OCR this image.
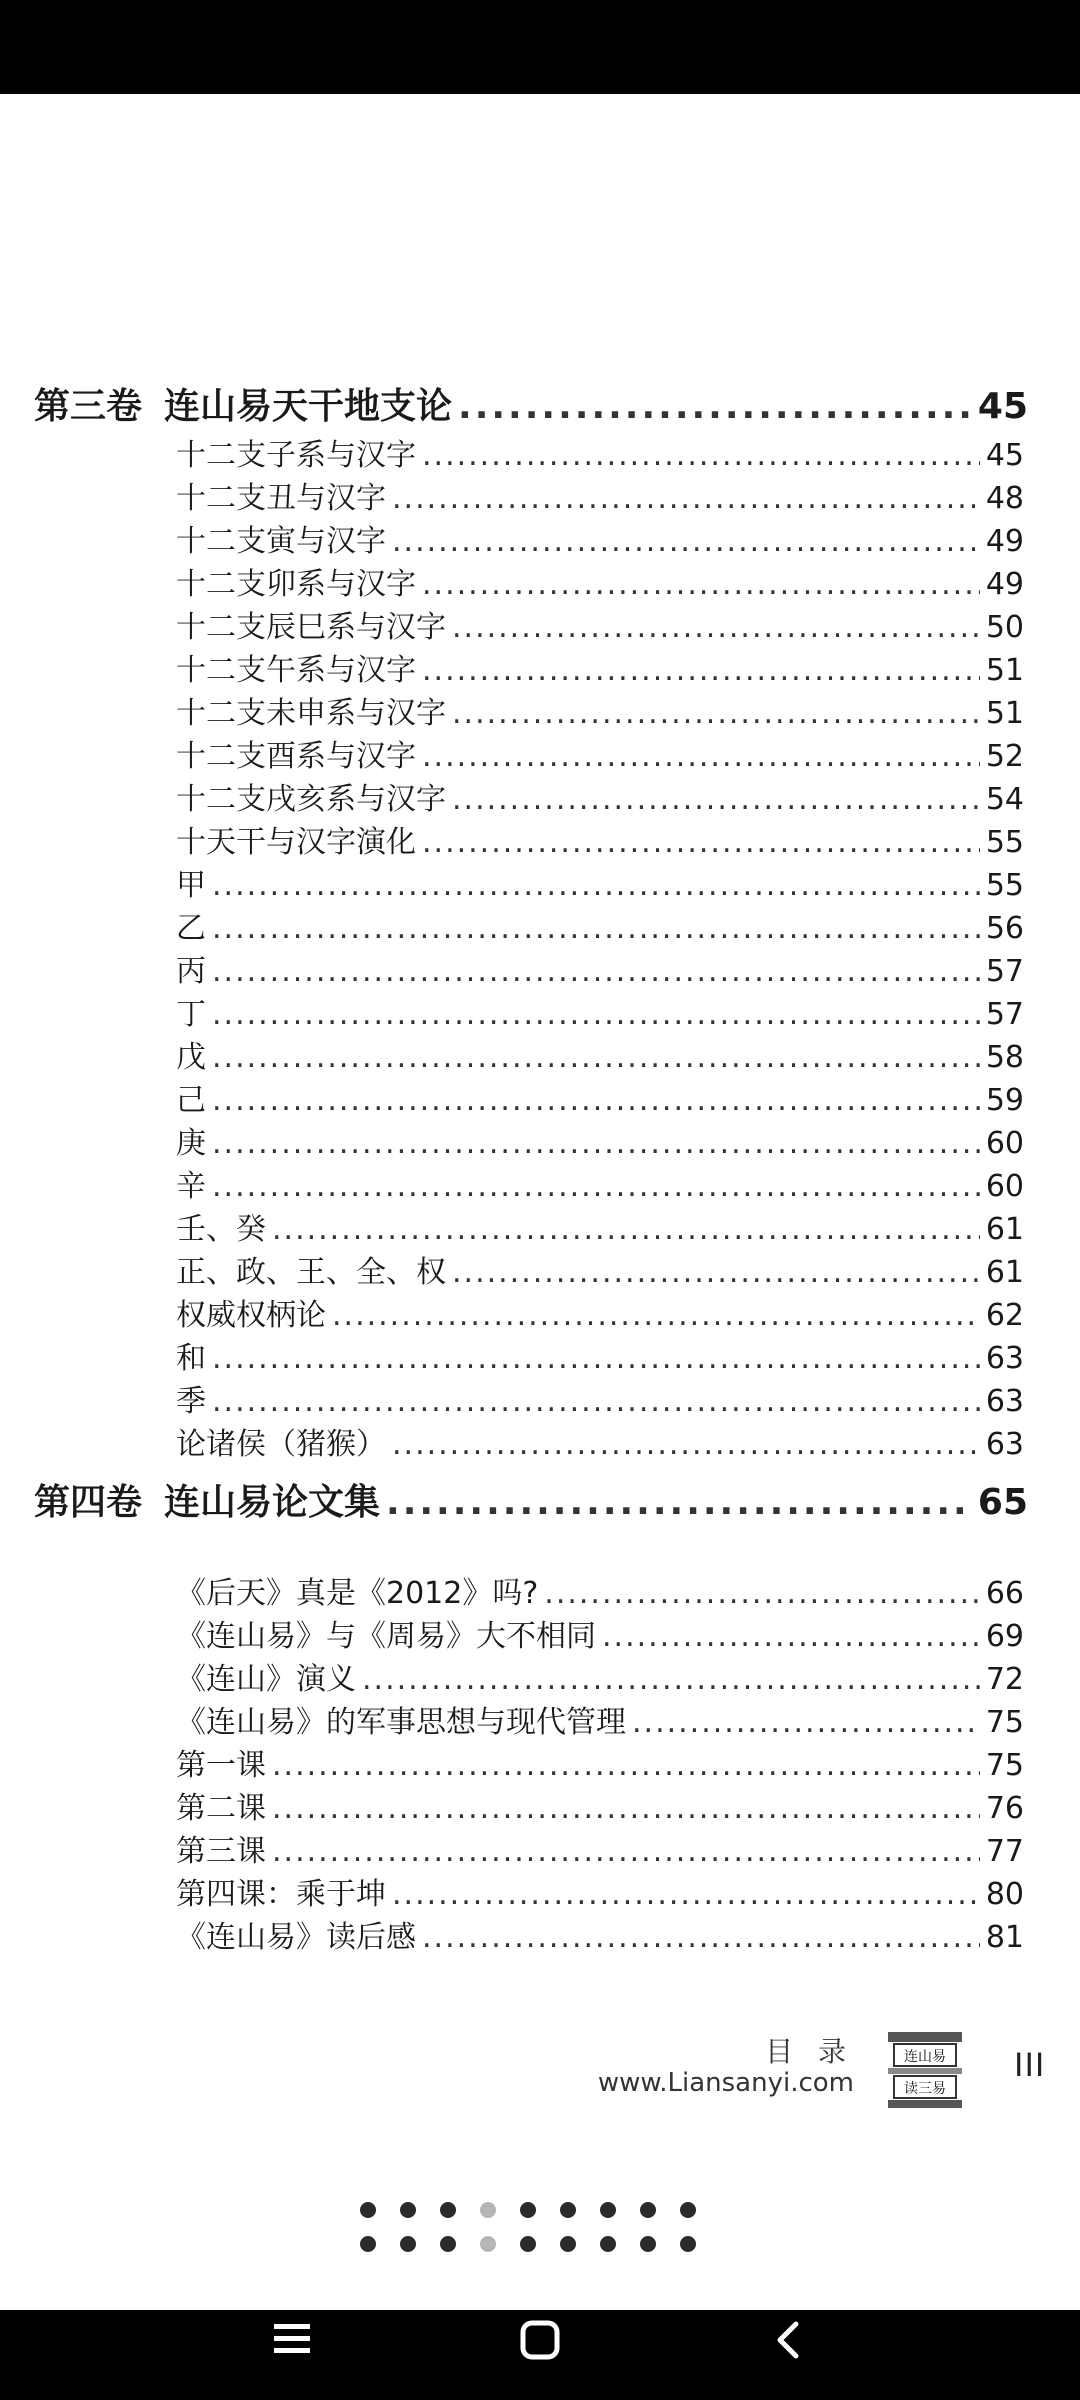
第三卷 连山易天干地支论 .....	45
十二支子系与汉字 .....	45
十二支丑与汉字 .....	48
十二支寅与汉字 .....	49
十二支卯系与汉字 .....	49
十二支辰巳系与汉字 .....	50
十二支午系与汉字 .....	51
十二支未申系与汉字 .....	51
十二支酉系与汉字 .....	52
十二支戌亥系与汉字 .....	54
十天干与汉字演化 .....	55
甲 .....	55
乙 .....	56
丙 .....	57
丁 .....	57
戊 .....	58
己 .....	59
庚 .....	60
辛 .....	60
壬、癸 .....	61
正、政、王、全、权 .....	61
权威权柄论 .....	62
和 .....	63
季 .....	63
论诸侯（猪猴） .....	63
第四卷 连山易论文集 .....	65
《后天》真是《2012》吗? .....	66
《连山易》与《周易》大不相同 .....	69
《连山》演义 .....	72
《连山易》的军事思想与现代管理 .....	75
第一课 .....	75
第二课 .....	76
第三课 .....	77
第四课：乘于坤 .....	80
《连山易》读后感 .....	81
目 录
www.Liansanyi.com
连山易
读三易
III
